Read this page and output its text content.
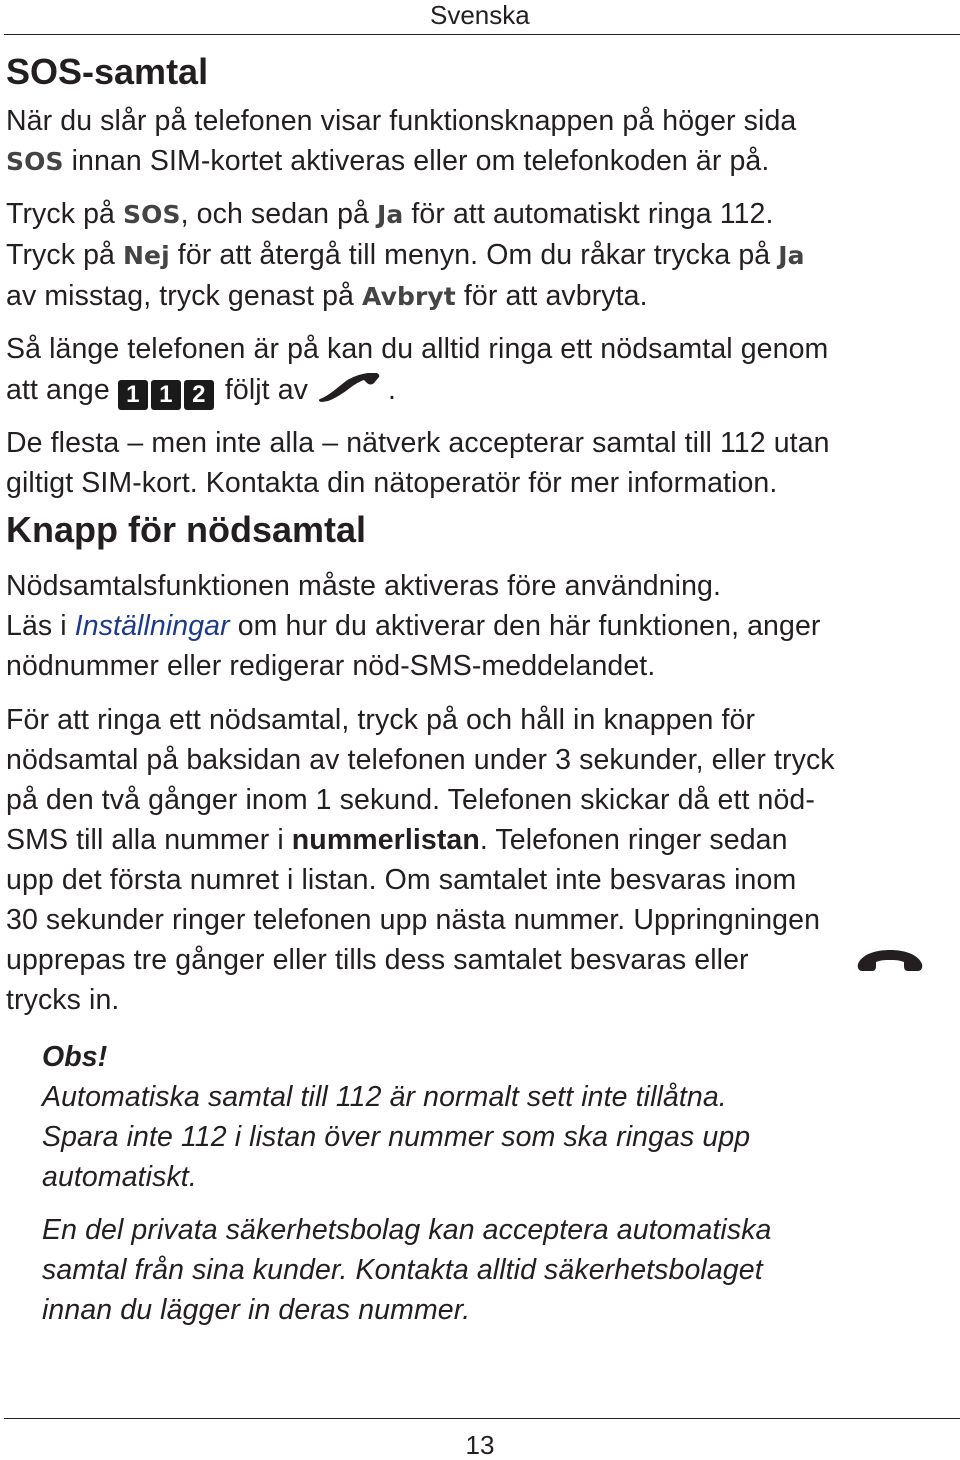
Svenska
SOS-samtal

När du slår på telefonen visar funktionsknappen på höger sida
SOS innan SIM-kortet aktiveras eller om telefonkoden är på.

Tryck på SOS, och sedan på Ja för att automatiskt ringa 112.
Tryck på Nej för att återgå till menyn. Om du råkar trycka på Ja
av misstag, tryck genast på Avbryt för att avbryta.

Så länge telefonen är på kan du alltid ringa ett nödsamtal genom
att ange 1 1 2 följt av	.

De flesta – men inte alla – nätverk accepterar samtal till 112 utan
giltigt SIM-kort. Kontakta din nätoperatör för mer information.

Knapp för nödsamtal

Nödsamtalsfunktionen måste aktiveras före användning.
Läs i Inställningar om hur du aktiverar den här funktionen, anger
nödnummer eller redigerar nöd-SMS-meddelandet.

För att ringa ett nödsamtal, tryck på och håll in knappen för
nödsamtal på baksidan av telefonen under 3 sekunder, eller tryck
på den två gånger inom 1 sekund. Telefonen skickar då ett nöd-
SMS till alla nummer i nummerlistan. Telefonen ringer sedan
upp det första numret i listan. Om samtalet inte besvaras inom
30 sekunder ringer telefonen upp nästa nummer. Uppringningen
upprepas tre gånger eller tills dess samtalet besvaras eller
trycks in.

Obs!
Automatiska samtal till 112 är normalt sett inte tillåtna.
Spara inte 112 i listan över nummer som ska ringas upp
automatiskt.

En del privata säkerhetsbolag kan acceptera automatiska
samtal från sina kunder. Kontakta alltid säkerhetsbolaget
innan du lägger in deras nummer.

13
